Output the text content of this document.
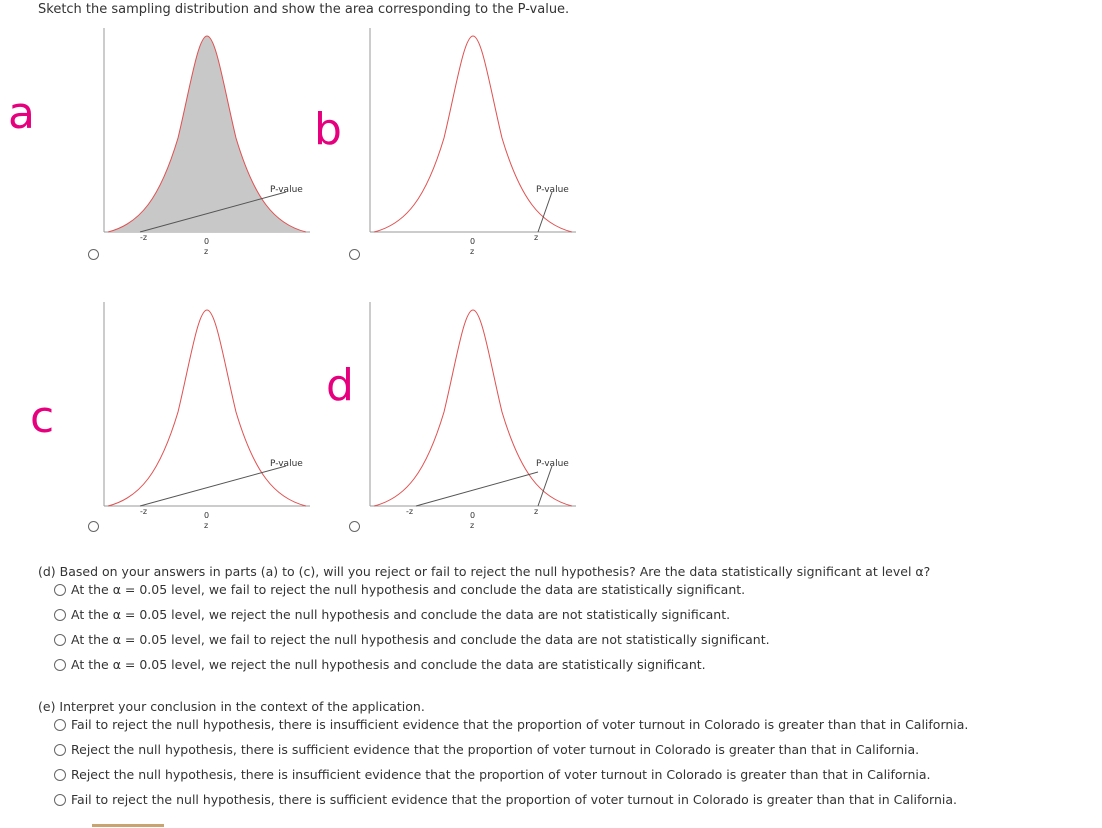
Sketch the sampling distribution and show the area corresponding to the P-value.
a	b
c
d
P-value
-z	0
z
P-value
0
z
z
P-value
-z	0
z
P-value
-z	0
z
z
(d) Based on your answers in parts (a) to (c), will you reject or fail to reject the null hypothesis? Are the data statistically significant at level α?
At the α = 0.05 level, we fail to reject the null hypothesis and conclude the data are statistically significant.
At the α = 0.05 level, we reject the null hypothesis and conclude the data are not statistically significant.
At the α = 0.05 level, we fail to reject the null hypothesis and conclude the data are not statistically significant.
At the α = 0.05 level, we reject the null hypothesis and conclude the data are statistically significant.
(e) Interpret your conclusion in the context of the application.
Fail to reject the null hypothesis, there is insufficient evidence that the proportion of voter turnout in Colorado is greater than that in California.
Reject the null hypothesis, there is sufficient evidence that the proportion of voter turnout in Colorado is greater than that in California.
Reject the null hypothesis, there is insufficient evidence that the proportion of voter turnout in Colorado is greater than that in California.
Fail to reject the null hypothesis, there is sufficient evidence that the proportion of voter turnout in Colorado is greater than that in California.
